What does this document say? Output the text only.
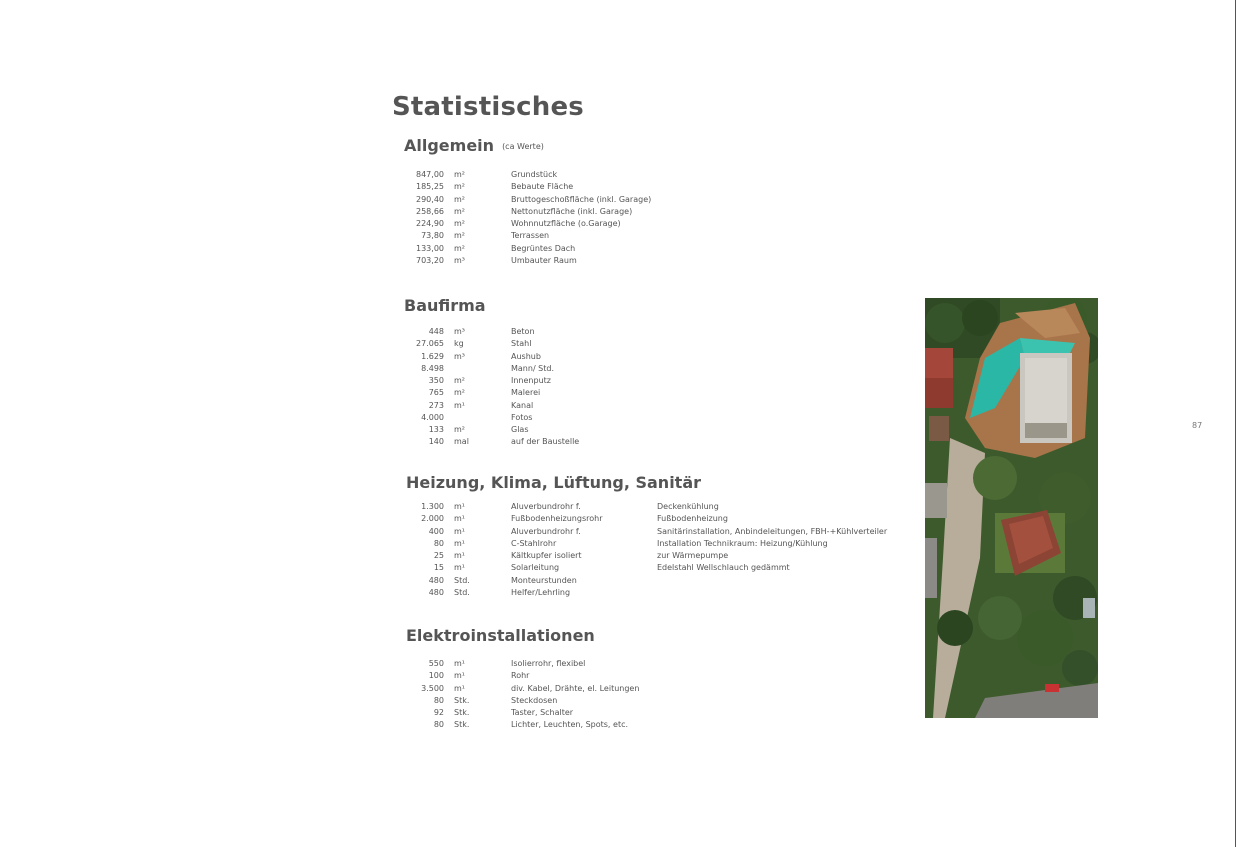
Statistisches
Allgemein (ca Werte)
847,00 m²	Grundstück
185,25 m²	Bebaute Fläche
290,40 m²	Bruttogeschoßfläche (inkl. Garage)
258,66 m²	Nettonutzfläche (inkl. Garage)
224,90 m²	Wohnnutzfläche (o.Garage)
73,80 m²	Terrassen
133,00 m²	Begrüntes Dach
703,20 m³	Umbauter Raum
Baufirma
448 m³	Beton
27.065 kg	Stahl
1.629 m³	Aushub
8.498	Mann/ Std.
350 m²	Innenputz
765 m²	Malerei
273 m¹	Kanal
4.000	Fotos
133 m²	Glas
140 mal	auf der Baustelle
Heizung, Klima, Lüftung, Sanitär
1.300 m¹	Aluverbundrohr f.	Deckenkühlung
2.000 m¹	Fußbodenheizungsrohr	Fußbodenheizung
400 m¹	Aluverbundrohr f.	Sanitärinstallation, Anbindeleitungen, FBH-+Kühlverteiler
80 m¹	C-Stahlrohr	Installation Technikraum: Heizung/Kühlung
25 m¹	Kältkupfer isoliert	zur Wärmepumpe
15 m¹	Solarleitung	Edelstahl Wellschlauch gedämmt
480 Std.	Monteurstunden
480 Std.	Helfer/Lehrling
Elektroinstallationen
550 m¹	Isolierrohr, flexibel
100 m¹	Rohr
3.500 m¹	div. Kabel, Drähte, el. Leitungen
80 Stk.	Steckdosen
92 Stk.	Taster, Schalter
80 Stk.	Lichter, Leuchten, Spots, etc.
87
